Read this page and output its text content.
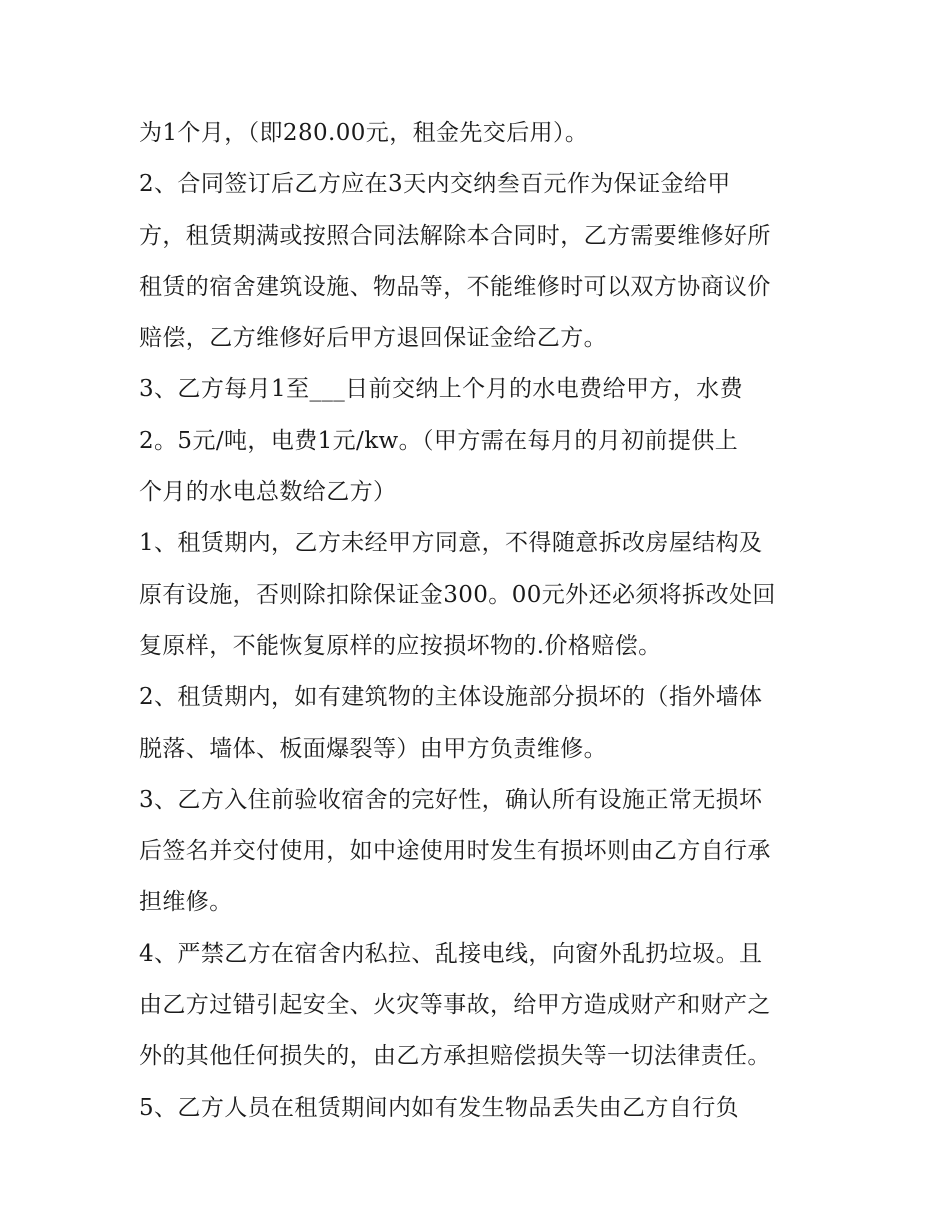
为1个月，（即280.00元，租金先交后用）。
2、合同签订后乙方应在3天内交纳叁百元作为保证金给甲
方，租赁期满或按照合同法解除本合同时，乙方需要维修好所
租赁的宿舍建筑设施、物品等，不能维修时可以双方协商议价
赔偿，乙方维修好后甲方退回保证金给乙方。
3、乙方每月1至___日前交纳上个月的水电费给甲方，水费
2。5元/吨，电费1元/kw。（甲方需在每月的月初前提供上
个月的水电总数给乙方）
1、租赁期内，乙方未经甲方同意，不得随意拆改房屋结构及
原有设施，否则除扣除保证金300。00元外还必须将拆改处回
复原样，不能恢复原样的应按损坏物的.价格赔偿。
2、租赁期内，如有建筑物的主体设施部分损坏的（指外墙体
脱落、墙体、板面爆裂等）由甲方负责维修。
3、乙方入住前验收宿舍的完好性，确认所有设施正常无损坏
后签名并交付使用，如中途使用时发生有损坏则由乙方自行承
担维修。
4、严禁乙方在宿舍内私拉、乱接电线，向窗外乱扔垃圾。且
由乙方过错引起安全、火灾等事故，给甲方造成财产和财产之
外的其他任何损失的，由乙方承担赔偿损失等一切法律责任。
5、乙方人员在租赁期间内如有发生物品丢失由乙方自行负
